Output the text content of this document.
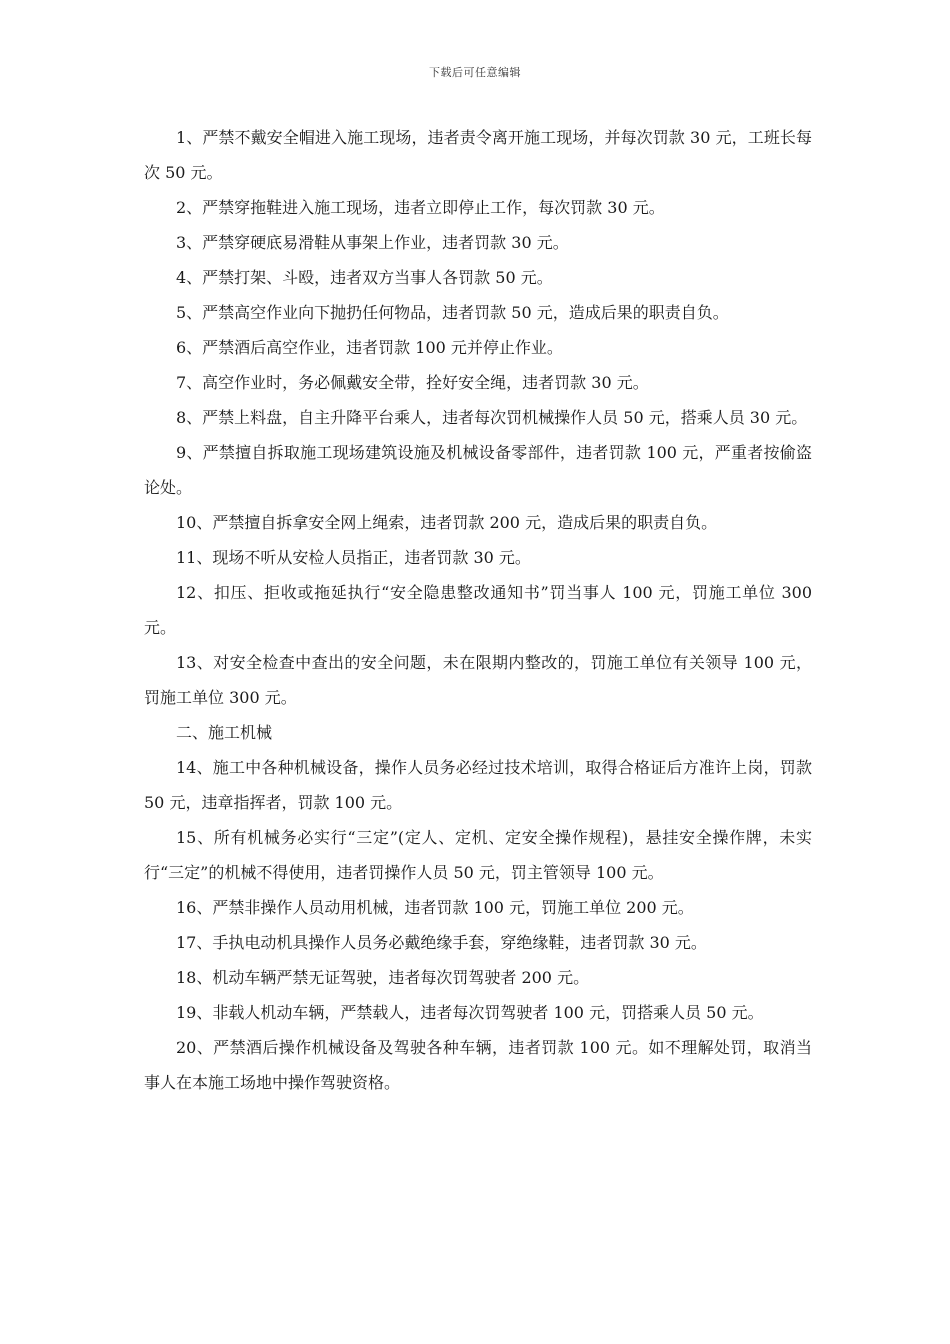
下载后可任意编辑

1、严禁不戴安全帽进入施工现场，违者责令离开施工现场，并每次罚款 30 元，工班长每次 50 元。

2、严禁穿拖鞋进入施工现场，违者立即停止工作，每次罚款 30 元。

3、严禁穿硬底易滑鞋从事架上作业，违者罚款 30 元。

4、严禁打架、斗殴，违者双方当事人各罚款 50 元。

5、严禁高空作业向下抛扔任何物品，违者罚款 50 元，造成后果的职责自负。

6、严禁酒后高空作业，违者罚款 100 元并停止作业。

7、高空作业时，务必佩戴安全带，拴好安全绳，违者罚款 30 元。

8、严禁上料盘，自主升降平台乘人，违者每次罚机械操作人员 50 元，搭乘人员 30 元。

9、严禁擅自拆取施工现场建筑设施及机械设备零部件，违者罚款 100 元，严重者按偷盗论处。

10、严禁擅自拆拿安全网上绳索，违者罚款 200 元，造成后果的职责自负。

11、现场不听从安检人员指正，违者罚款 30 元。

12、扣压、拒收或拖延执行“安全隐患整改通知书”罚当事人 100 元，罚施工单位 300 元。

13、对安全检查中查出的安全问题，未在限期内整改的，罚施工单位有关领导 100 元，罚施工单位 300 元。

二、施工机械

14、施工中各种机械设备，操作人员务必经过技术培训，取得合格证后方准许上岗，罚款 50 元，违章指挥者，罚款 100 元。

15、所有机械务必实行“三定”(定人、定机、定安全操作规程)，悬挂安全操作牌，未实行“三定”的机械不得使用，违者罚操作人员 50 元，罚主管领导 100 元。

16、严禁非操作人员动用机械，违者罚款 100 元，罚施工单位 200 元。

17、手执电动机具操作人员务必戴绝缘手套，穿绝缘鞋，违者罚款 30 元。

18、机动车辆严禁无证驾驶，违者每次罚驾驶者 200 元。

19、非载人机动车辆，严禁载人，违者每次罚驾驶者 100 元，罚搭乘人员 50 元。

20、严禁酒后操作机械设备及驾驶各种车辆，违者罚款 100 元。如不理解处罚，取消当事人在本施工场地中操作驾驶资格。
